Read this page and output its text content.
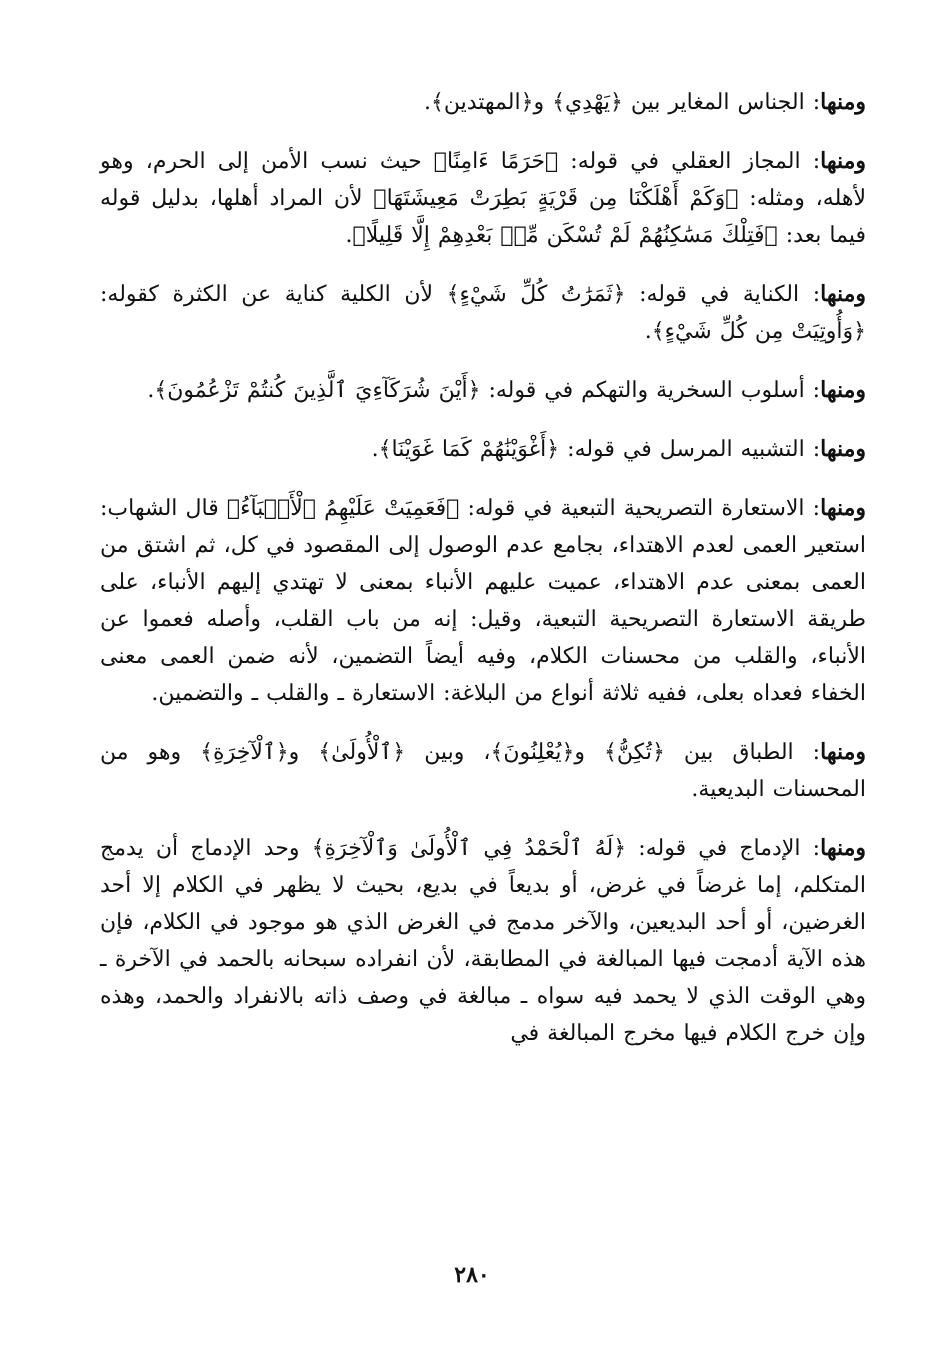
ومنها: الجناس المغاير بين ﴿يَهْدِي﴾ و﴿المهتدين﴾.

ومنها: المجاز العقلي في قوله: ﴿حَرَمًا ءَامِنًا﴾ حيث نسب الأمن إلى الحرم، وهو لأهله، ومثله: ﴿وَكَمْ أَهْلَكْنَا مِن قَرْيَةٍ بَطِرَتْ مَعِيشَتَهَا﴾ لأن المراد أهلها، بدليل قوله فيما بعد: ﴿فَتِلْكَ مَسَٰكِنُهُمْ لَمْ تُسْكَن مِّنۢ بَعْدِهِمْ إِلَّا قَلِيلًا﴾.

ومنها: الكناية في قوله: ﴿ثَمَرَٰتُ كُلِّ شَيْءٍ﴾ لأن الكلية كناية عن الكثرة كقوله: ﴿وَأُوتِيَتْ مِن كُلِّ شَيْءٍ﴾.

ومنها: أسلوب السخرية والتهكم في قوله: ﴿أَيْنَ شُرَكَآءِيَ ٱلَّذِينَ كُنتُمْ تَزْعُمُونَ﴾.

ومنها: التشبيه المرسل في قوله: ﴿أَغْوَيْنَٰهُمْ كَمَا غَوَيْنَا﴾.

ومنها: الاستعارة التصريحية التبعية في قوله: ﴿فَعَمِيَتْ عَلَيْهِمُ ٱلْأَنۢبَآءُ﴾ قال الشهاب: استعير العمى لعدم الاهتداء، بجامع عدم الوصول إلى المقصود في كل، ثم اشتق من العمى بمعنى عدم الاهتداء، عميت عليهم الأنباء بمعنى لا تهتدي إليهم الأنباء، على طريقة الاستعارة التصريحية التبعية، وقيل: إنه من باب القلب، وأصله فعموا عن الأنباء، والقلب من محسنات الكلام، وفيه أيضاً التضمين، لأنه ضمن العمى معنى الخفاء فعداه بعلى، ففيه ثلاثة أنواع من البلاغة: الاستعارة ـ والقلب ـ والتضمين.

ومنها: الطباق بين ﴿تُكِنُّ﴾ و﴿يُعْلِنُونَ﴾، وبين ﴿ٱلْأُولَىٰ﴾ و﴿ٱلْآخِرَةِ﴾ وهو من المحسنات البديعية.

ومنها: الإدماج في قوله: ﴿لَهُ ٱلْحَمْدُ فِي ٱلْأُولَىٰ وَٱلْآخِرَةِ﴾ وحد الإدماج أن يدمج المتكلم، إما غرضاً في غرض، أو بديعاً في بديع، بحيث لا يظهر في الكلام إلا أحد الغرضين، أو أحد البديعين، والآخر مدمج في الغرض الذي هو موجود في الكلام، فإن هذه الآية أدمجت فيها المبالغة في المطابقة، لأن انفراده سبحانه بالحمد في الآخرة ـ وهي الوقت الذي لا يحمد فيه سواه ـ مبالغة في وصف ذاته بالانفراد والحمد، وهذه وإن خرج الكلام فيها مخرج المبالغة في

٢٨٠
